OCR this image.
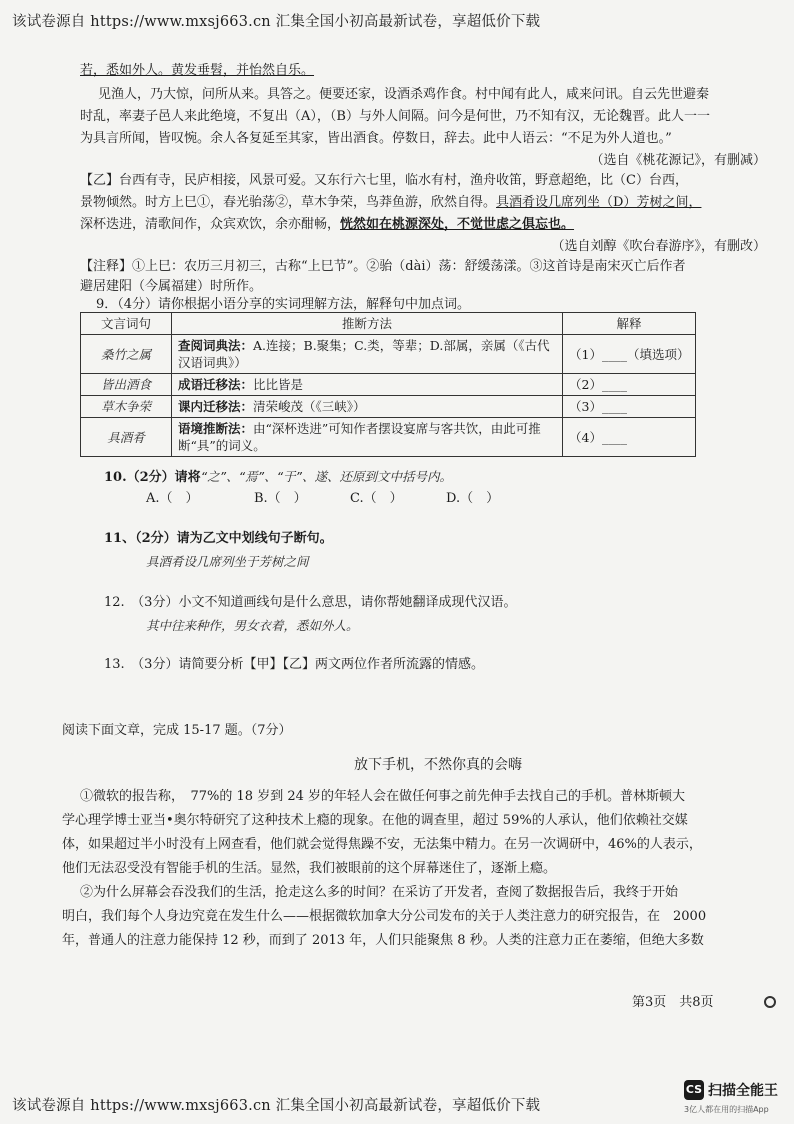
该试卷源自 https://www.mxsj663.cn 汇集全国小初高最新试卷，享超低价下载
若，悉如外人。黄发垂髫，并怡然自乐。
见渔人，乃大惊，问所从来。具答之。便要还家，设酒杀鸡作食。村中闻有此人，咸来问讯。自云先世避秦
时乱，率妻子邑人来此绝境，不复出（A），（B）与外人间隔。问今是何世，乃不知有汉，无论魏晋。此人一一
为具言所闻，皆叹惋。余人各复延至其家，皆出酒食。停数日，辞去。此中人语云：“不足为外人道也。”
（选自《桃花源记》，有删减）
【乙】台西有寺，民庐相接，风景可爱。又东行六七里，临水有村，渔舟收笛，野意超绝，比（C）台西，
景物倾然。时方上巳①，春光骀荡②，草木争荣，鸟莽鱼游，欣然自得。具酒肴设几席列坐（D）芳树之间，
深杯迭进，清歌间作，众宾欢饮，余亦酣畅，恍然如在桃源深处，不觉世虑之俱忘也。
（选自刘醇《吹台春游序》，有删改）
【注释】①上巳：农历三月初三，古称“上巳节”。②骀（dài）荡：舒缓荡漾。③这首诗是南宋灭亡后作者
避居建阳（今属福建）时所作。
9．（4分）请你根据小语分享的实词理解方法，解释句中加点词。
文言词句	推断方法	解释
桑竹之属	查阅词典法：A.连接；B.聚集；C.类，等辈；D.部属，亲属（《古代汉语词典》）	（1）____（填选项）
皆出酒食	成语迁移法：比比皆是	（2）____
草木争荣	课内迁移法：清荣峻茂（《三峡》）	（3）____
具酒肴	语境推断法：由“深杯迭进”可知作者摆设宴席与客共饮，由此可推断“具”的词义。	（4）____
10.（2分）请将“之”、“焉”、“于”、遂、还原到文中括号内。
A.（　）	B.（　）	C.（　）	D.（　）
11、（2分）请为乙文中划线句子断句。
具酒肴设几席列坐于芳树之间
12.　（3分）小文不知道画线句是什么意思，请你帮她翻译成现代汉语。
其中往来种作，男女衣着，悉如外人。
13.　（3分）请简要分析【甲】【乙】两文两位作者所流露的情感。
阅读下面文章，完成 15-17 题。（7分）
放下手机，不然你真的会嗨
①微软的报告称，　77%的 18 岁到 24 岁的年轻人会在做任何事之前先伸手去找自己的手机。普林斯顿大
学心理学博士亚当•奥尔特研究了这种技术上瘾的现象。在他的调查里，超过 59%的人承认，他们依赖社交媒
体，如果超过半小时没有上网查看，他们就会觉得焦躁不安，无法集中精力。在另一次调研中，46%的人表示，
他们无法忍受没有智能手机的生活。显然，我们被眼前的这个屏幕迷住了，逐渐上瘾。
②为什么屏幕会吞没我们的生活，抢走这么多的时间？在采访了开发者，查阅了数据报告后，我终于开始
明白，我们每个人身边究竟在发生什么——根据微软加拿大分公司发布的关于人类注意力的研究报告，在　2000
年，普通人的注意力能保持 12 秒，而到了 2013 年，人们只能聚焦 8 秒。人类的注意力正在萎缩，但绝大多数
第3页　共8页
该试卷源自 https://www.mxsj663.cn 汇集全国小初高最新试卷，享超低价下载
CS 扫描全能王
3亿人都在用的扫描App
